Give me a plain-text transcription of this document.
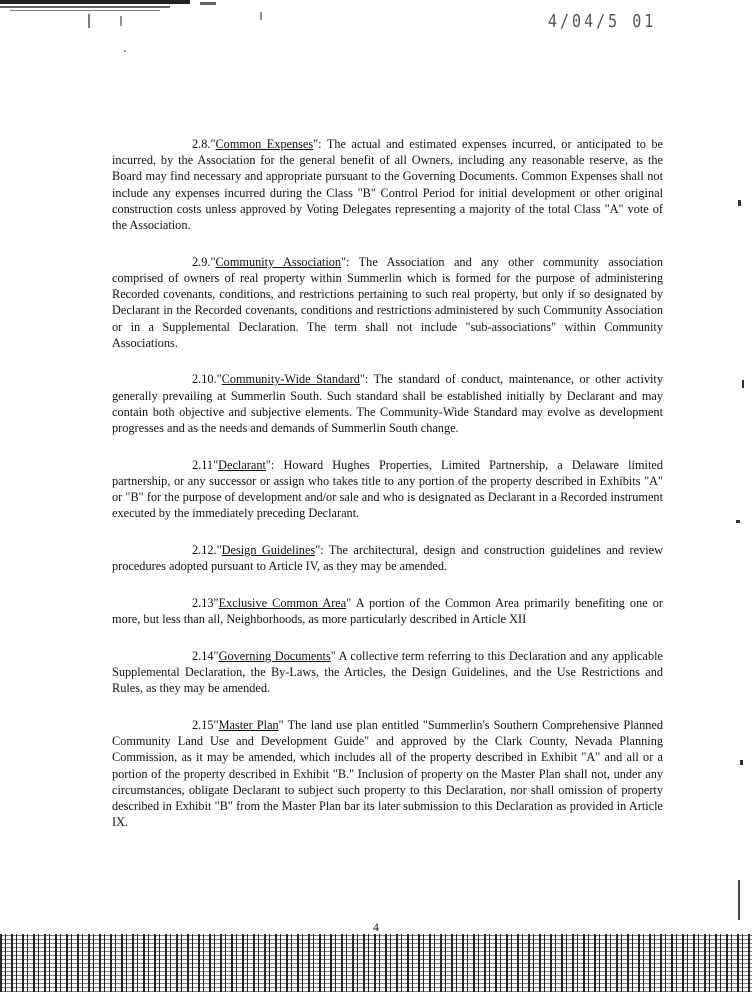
4/04/5 01

2.8."Common Expenses": The actual and estimated expenses incurred, or anticipated to be incurred, by the Association for the general benefit of all Owners, including any reasonable reserve, as the Board may find necessary and appropriate pursuant to the Governing Documents. Common Expenses shall not include any expenses incurred during the Class "B" Control Period for initial development or other original construction costs unless approved by Voting Delegates representing a majority of the total Class "A" vote of the Association.

2.9."Community Association": The Association and any other community association comprised of owners of real property within Summerlin which is formed for the purpose of administering Recorded covenants, conditions, and restrictions pertaining to such real property, but only if so designated by Declarant in the Recorded covenants, conditions and restrictions administered by such Community Association or in a Supplemental Declaration. The term shall not include "sub-associations" within Community Associations.

2.10."Community-Wide Standard": The standard of conduct, maintenance, or other activity generally prevailing at Summerlin South. Such standard shall be established initially by Declarant and may contain both objective and subjective elements. The Community-Wide Standard may evolve as development progresses and as the needs and demands of Summerlin South change.

2.11"Declarant": Howard Hughes Properties, Limited Partnership, a Delaware limited partnership, or any successor or assign who takes title to any portion of the property described in Exhibits "A" or "B" for the purpose of development and/or sale and who is designated as Declarant in a Recorded instrument executed by the immediately preceding Declarant.

2.12."Design Guidelines": The architectural, design and construction guidelines and review procedures adopted pursuant to Article IV, as they may be amended.

2.13"Exclusive Common Area" A portion of the Common Area primarily benefiting one or more, but less than all, Neighborhoods, as more particularly described in Article XII

2.14"Governing Documents" A collective term referring to this Declaration and any applicable Supplemental Declaration, the By-Laws, the Articles, the Design Guidelines, and the Use Restrictions and Rules, as they may be amended.

2.15"Master Plan" The land use plan entitled "Summerlin's Southern Comprehensive Planned Community Land Use and Development Guide" and approved by the Clark County, Nevada Planning Commission, as it may be amended, which includes all of the property described in Exhibit "A" and all or a portion of the property described in Exhibit "B." Inclusion of property on the Master Plan shall not, under any circumstances, obligate Declarant to subject such property to this Declaration, nor shall omission of property described in Exhibit "B" from the Master Plan bar its later submission to this Declaration as provided in Article IX.

4
